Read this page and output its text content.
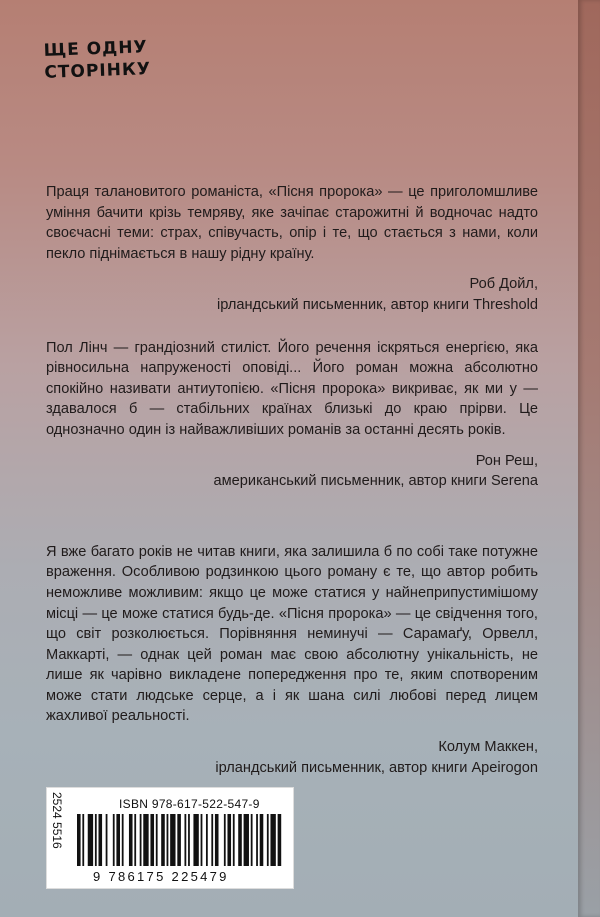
ЩЕ ОДНУ
СТОРІНКУ

Праця талановитого романіста, «Пісня пророка» — це приголомшливе уміння бачити крізь темряву, яке зачіпає старожитні й водночас надто своєчасні теми: страх, співучасть, опір і те, що стається з нами, коли пекло піднімається в нашу рідну країну.

Роб Дойл,
ірландський письменник, автор книги Threshold

Пол Лінч — грандіозний стиліст. Його речення іскряться енергією, яка рівносильна напруженості оповіді... Його роман можна абсолютно спокійно називати антиутопією. «Пісня пророка» викриває, як ми у — здавалося б — стабільних країнах близькі до краю прірви. Це однозначно один із найважливіших романів за останні десять років.

Рон Реш,
американський письменник, автор книги Serena

Я вже багато років не читав книги, яка залишила б по собі таке потужне враження. Особливою родзинкою цього роману є те, що автор робить неможливе можливим: якщо це може статися у найнеприпустимішому місці — це може статися будь-де. «Пісня пророка» — це свідчення того, що світ розколюється. Порівняння неминучі — Сарамаґу, Орвелл, Маккарті, — однак цей роман має свою абсолютну унікальність, не лише як чарівно викладене попередження про те, яким спотвореним може стати людське серце, а і як шана силі любові перед лицем жахливої реальності.

Колум Маккен,
ірландський письменник, автор книги Apeirogon
ISBN 978-617-522-547-9
2524 5516
9 786175 225479
